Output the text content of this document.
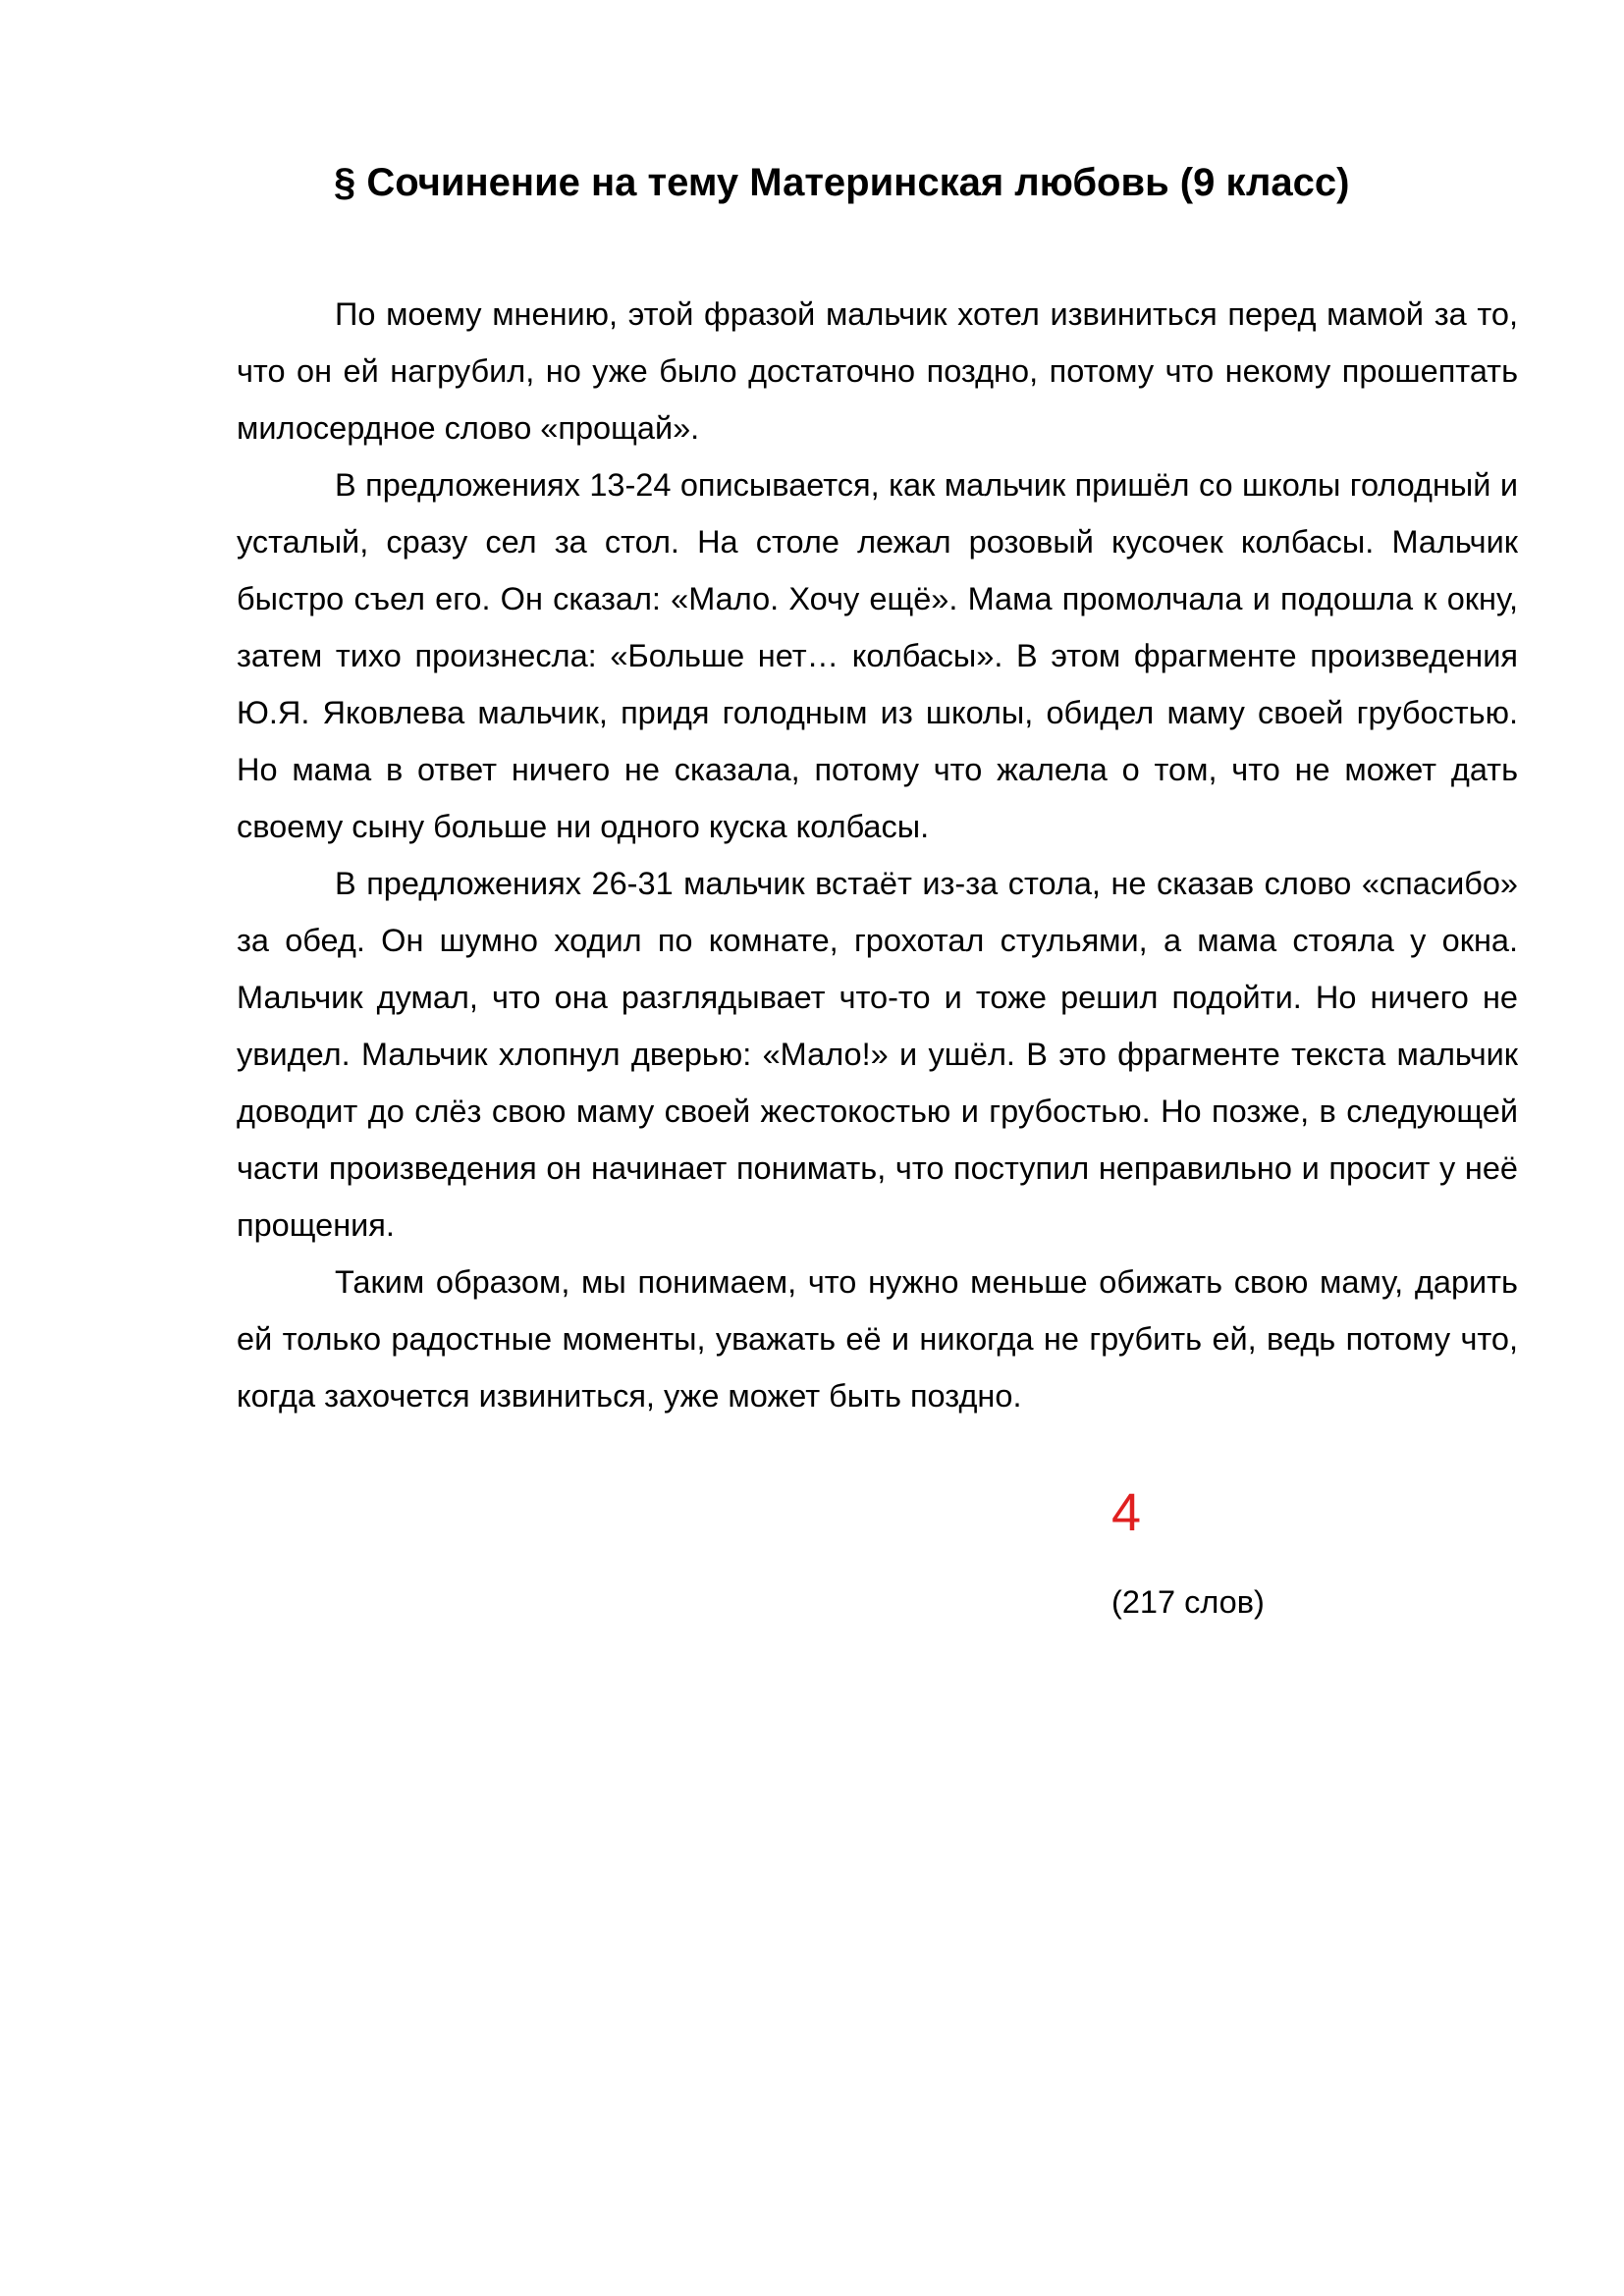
§ Сочинение на тему Материнская любовь (9 класс)

По моему мнению, этой фразой мальчик хотел извиниться перед мамой за то, что он ей нагрубил, но уже было достаточно поздно, потому что некому прошептать милосердное слово «прощай».

В предложениях 13-24 описывается, как мальчик пришёл со школы голодный и усталый, сразу сел за стол. На столе лежал розовый кусочек колбасы. Мальчик быстро съел его. Он сказал: «Мало. Хочу ещё». Мама промолчала и подошла к окну, затем тихо произнесла: «Больше нет… колбасы». В этом фрагменте произведения Ю.Я. Яковлева мальчик, придя голодным из школы, обидел маму своей грубостью. Но мама в ответ ничего не сказала, потому что жалела о том, что не может дать своему сыну больше ни одного куска колбасы.

В предложениях 26-31 мальчик встаёт из-за стола, не сказав слово «спасибо» за обед. Он шумно ходил по комнате, грохотал стульями, а мама стояла у окна. Мальчик думал, что она разглядывает что-то и тоже решил подойти. Но ничего не увидел. Мальчик хлопнул дверью: «Мало!» и ушёл. В это фрагменте текста мальчик доводит до слёз свою маму своей жестокостью и грубостью. Но позже, в следующей части произведения он начинает понимать, что поступил неправильно и просит у неё прощения.

Таким образом, мы понимаем, что нужно меньше обижать свою маму, дарить ей только радостные моменты, уважать её и никогда не грубить ей, ведь потому что, когда захочется извиниться, уже может быть поздно.

4
(217 слов)
